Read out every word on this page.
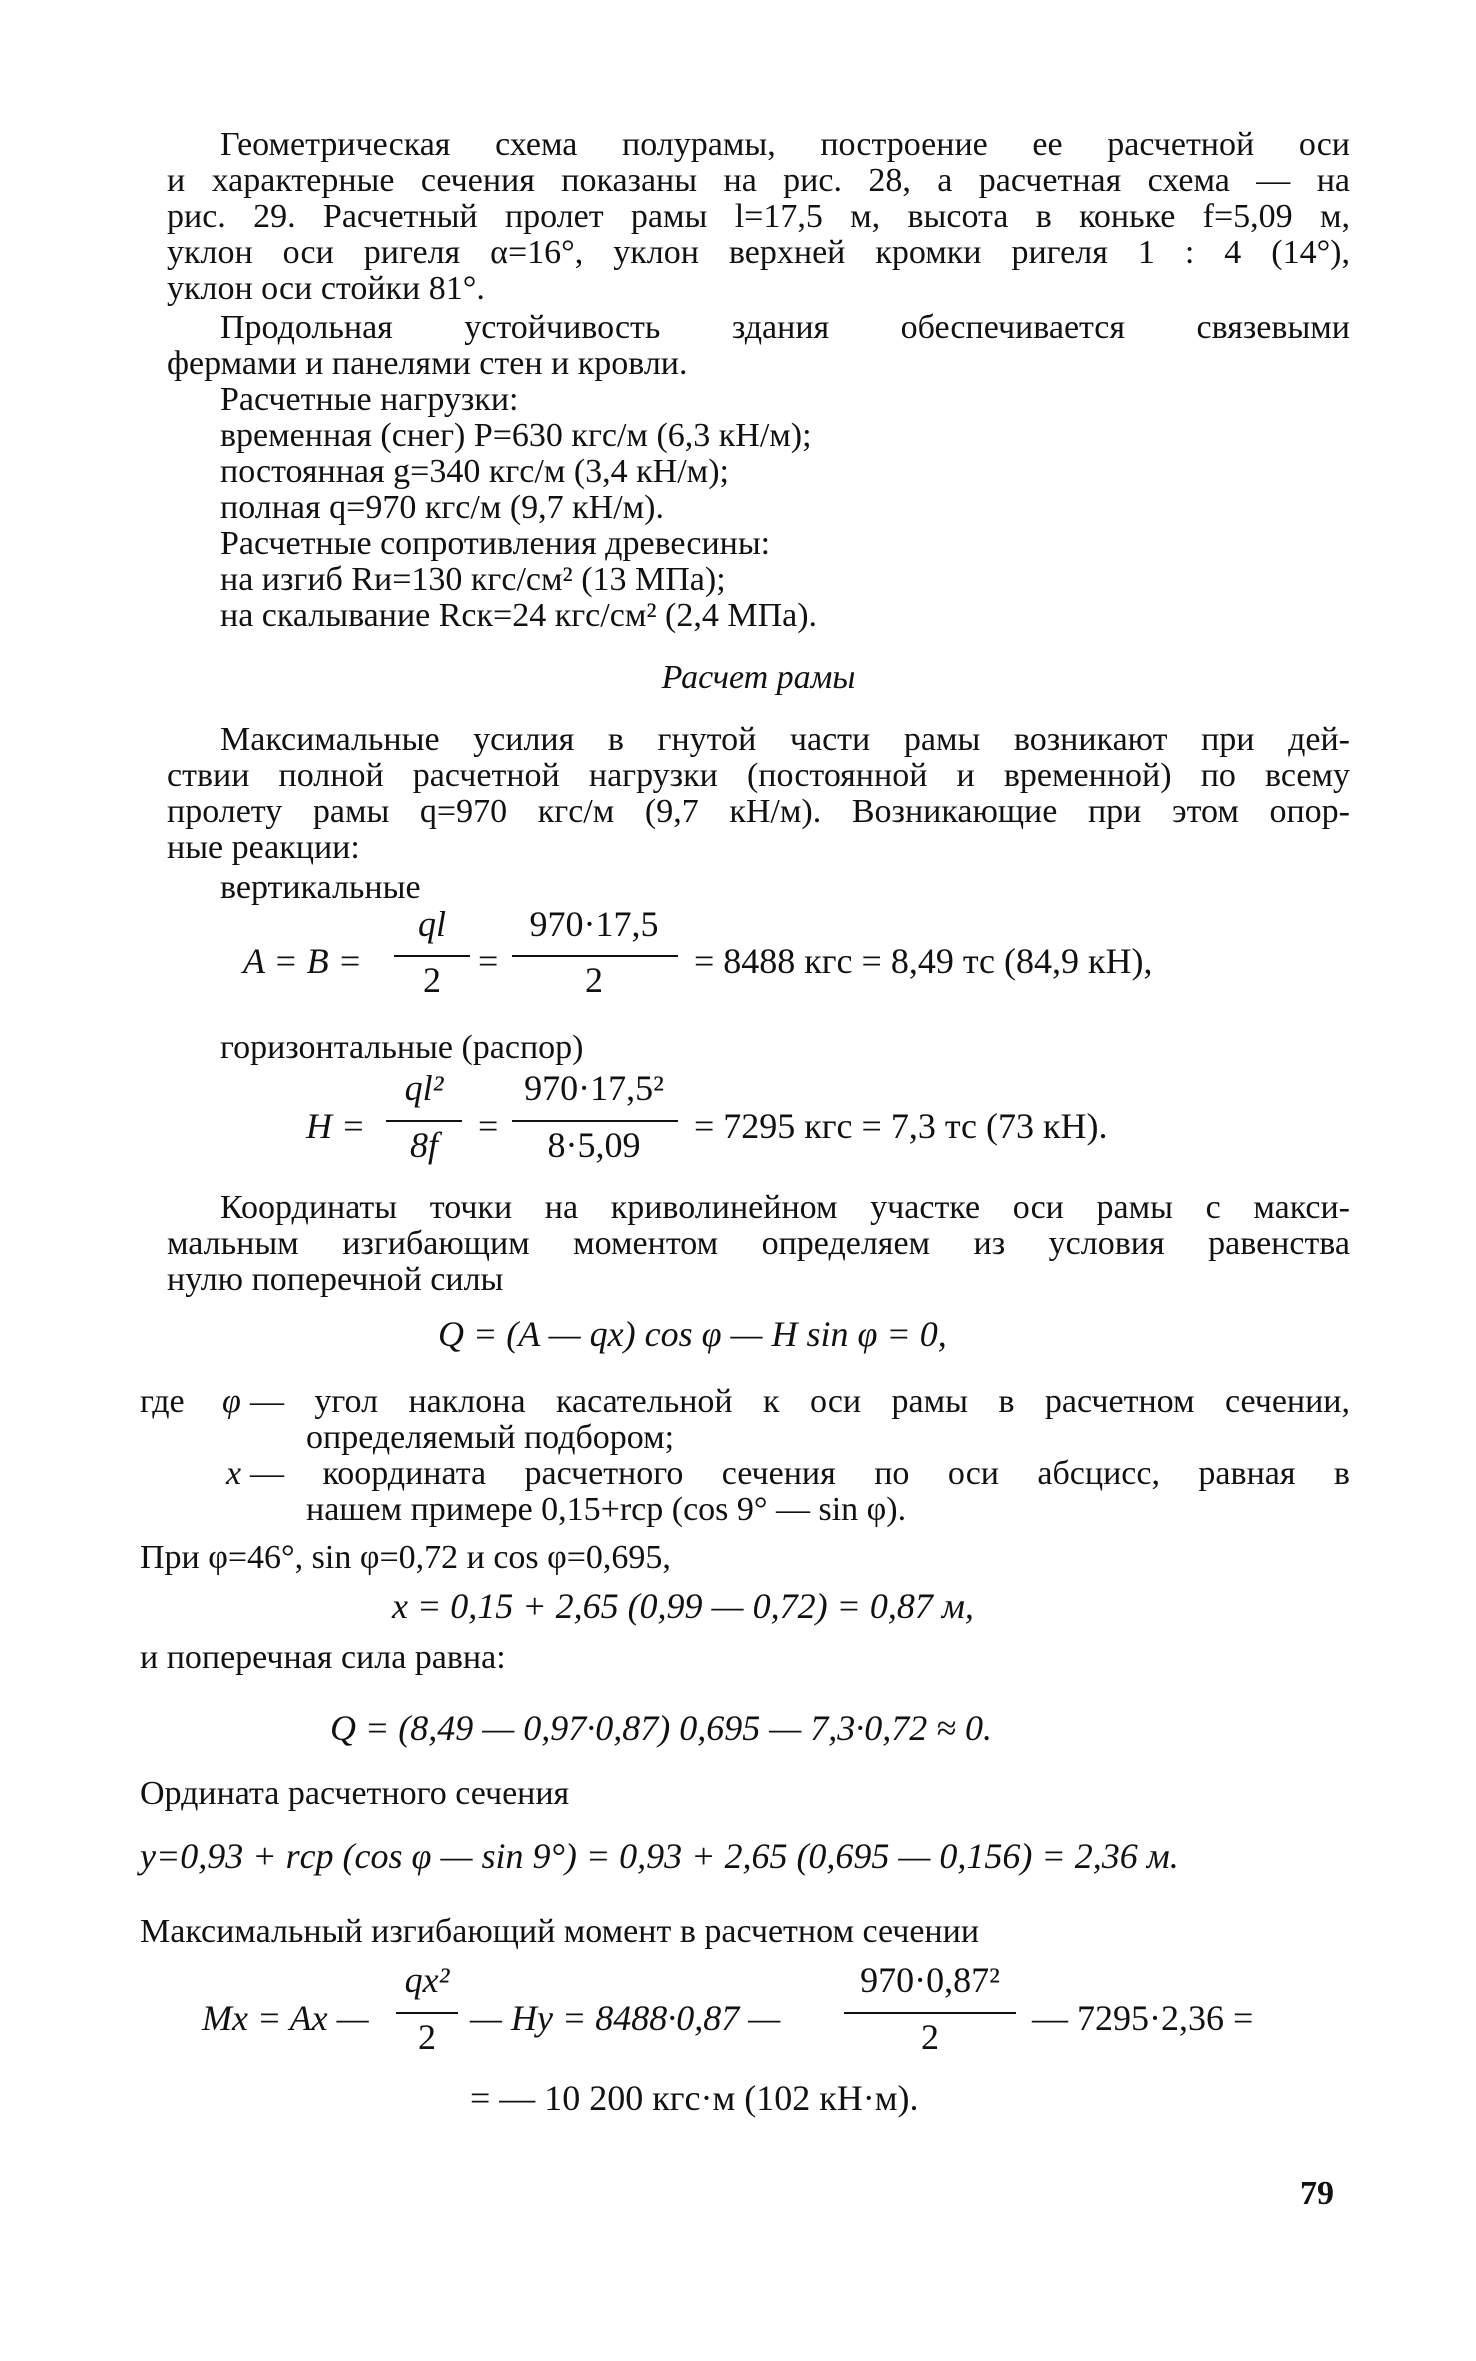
Геометрическая схема полурамы, построение ее расчетной оси
и характерные сечения показаны на рис. 28, а расчетная схема — на
рис. 29. Расчетный пролет рамы l=17,5 м, высота в коньке f=5,09 м,
уклон оси ригеля α=16°, уклон верхней кромки ригеля 1 : 4 (14°),
уклон оси стойки 81°.
Продольная устойчивость здания обеспечивается связевыми
фермами и панелями стен и кровли.
Расчетные нагрузки:
временная (снег) P=630 кгс/м (6,3 кН/м);
постоянная g=340 кгс/м (3,4 кН/м);
полная q=970 кгс/м (9,7 кН/м).
Расчетные сопротивления древесины:
на изгиб Rи=130 кгс/см² (13 МПа);
на скалывание Rск=24 кгс/см² (2,4 МПа).
Расчет рамы
Максимальные усилия в гнутой части рамы возникают при дей-
ствии полной расчетной нагрузки (постоянной и временной) по всему
пролету рамы q=970 кгс/м (9,7 кН/м). Возникающие при этом опор-
ные реакции:
вертикальные
A = B =
ql
2	=
970·17,5
2	= 8488 кгс = 8,49 тс (84,9 кН),
горизонтальные (распор)
H =
ql²
8f	=
970·17,5²
8·5,09	= 7295 кгс = 7,3 тс (73 кН).
Координаты точки на криволинейном участке оси рамы с макси-
мальным изгибающим моментом определяем из условия равенства
нулю поперечной силы
Q = (A — qx) cos φ — H sin φ = 0,
где φ — угол наклона касательной к оси рамы в расчетном сечении,
определяемый подбором;
x — координата расчетного сечения по оси абсцисс, равная в
нашем примере 0,15+rср (cos 9° — sin φ).
При φ=46°, sin φ=0,72 и cos φ=0,695,
x = 0,15 + 2,65 (0,99 — 0,72) = 0,87 м,
и поперечная сила равна:
Q = (8,49 — 0,97·0,87) 0,695 — 7,3·0,72 ≈ 0.
Ордината расчетного сечения
y=0,93 + rср (cos φ — sin 9°) = 0,93 + 2,65 (0,695 — 0,156) = 2,36 м.
Максимальный изгибающий момент в расчетном сечении
Mx = Ax —
qx²
2 — Hy = 8488·0,87 —
970·0,87²
2	— 7295·2,36 =
= — 10 200 кгс·м (102 кН·м).
79
